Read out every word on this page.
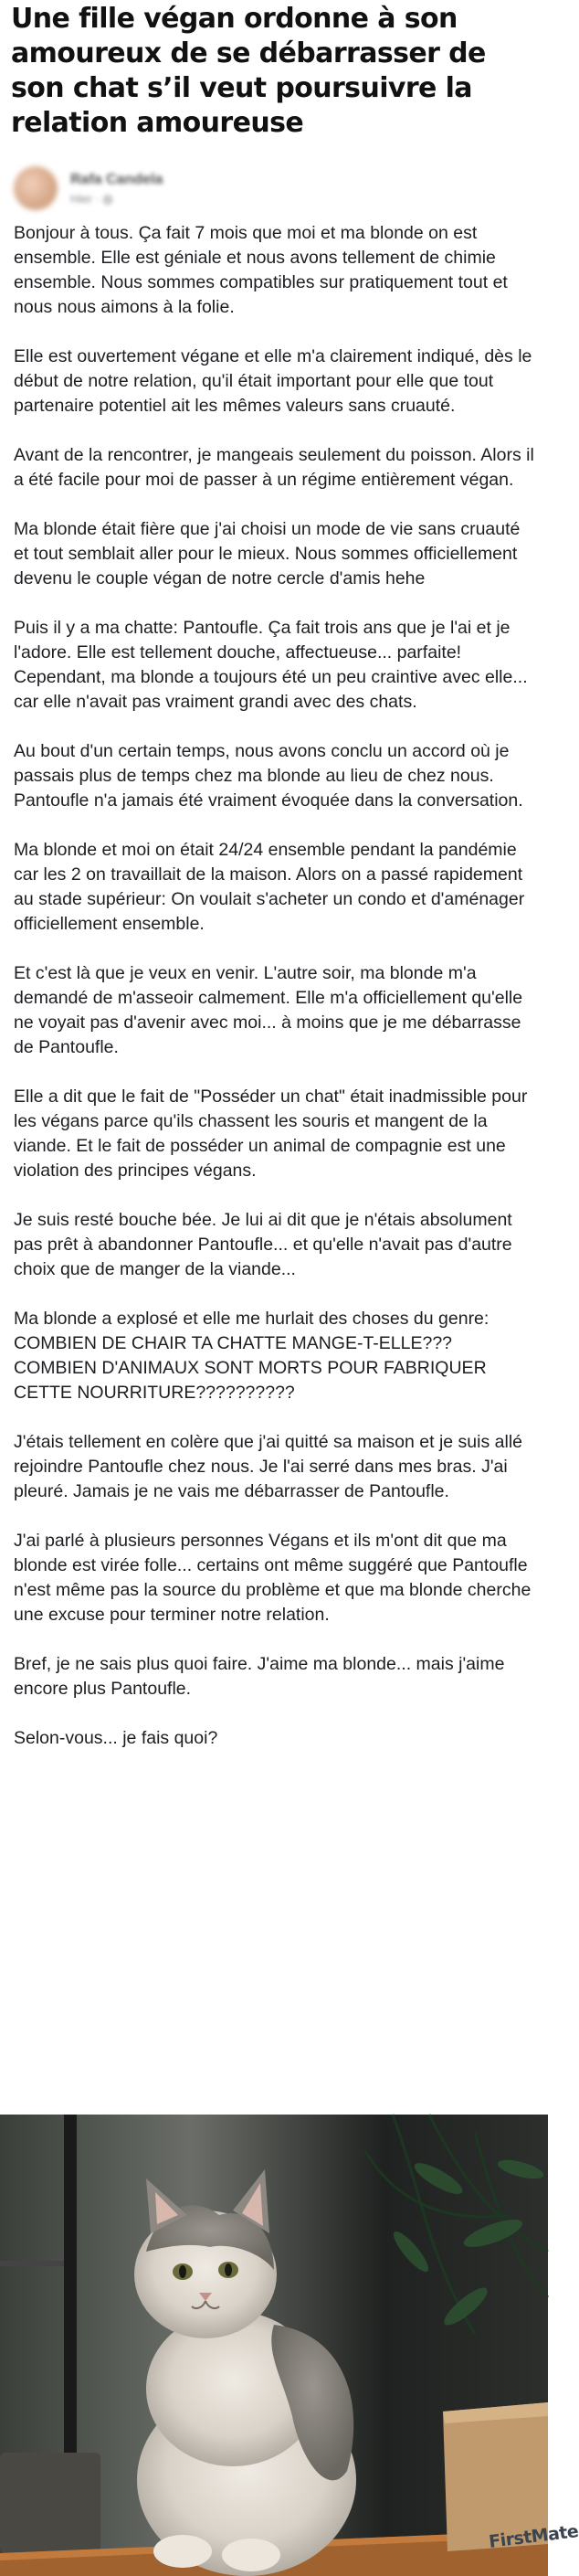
Une fille végan ordonne à son amoureux de se débarrasser de son chat s’il veut poursuivre la relation amoureuse
Rafa Candela
Hier · ◍

Bonjour à tous. Ça fait 7 mois que moi et ma blonde on est ensemble. Elle est géniale et nous avons tellement de chimie ensemble. Nous sommes compatibles sur pratiquement tout et nous nous aimons à la folie.

Elle est ouvertement végane et elle m'a clairement indiqué, dès le début de notre relation, qu'il était important pour elle que tout partenaire potentiel ait les mêmes valeurs sans cruauté.

Avant de la rencontrer, je mangeais seulement du poisson. Alors il a été facile pour moi de passer à un régime entièrement végan.

Ma blonde était fière que j'ai choisi un mode de vie sans cruauté et tout semblait aller pour le mieux. Nous sommes officiellement devenu le couple végan de notre cercle d'amis hehe

Puis il y a ma chatte: Pantoufle. Ça fait trois ans que je l'ai et je l'adore. Elle est tellement douche, affectueuse... parfaite! Cependant, ma blonde a toujours été un peu craintive avec elle... car elle n'avait pas vraiment grandi avec des chats.

Au bout d'un certain temps, nous avons conclu un accord où je passais plus de temps chez ma blonde au lieu de chez nous. Pantoufle n'a jamais été vraiment évoquée dans la conversation.

Ma blonde et moi on était 24/24 ensemble pendant la pandémie car les 2 on travaillait de la maison. Alors on a passé rapidement au stade supérieur: On voulait s'acheter un condo et d'aménager officiellement ensemble.

Et c'est là que je veux en venir. L'autre soir, ma blonde m'a demandé de m'asseoir calmement. Elle m'a officiellement qu'elle ne voyait pas d'avenir avec moi... à moins que je me débarrasse de Pantoufle.

Elle a dit que le fait de "Posséder un chat" était inadmissible pour les végans parce qu'ils chassent les souris et mangent de la viande. Et le fait de posséder un animal de compagnie est une violation des principes végans.

Je suis resté bouche bée. Je lui ai dit que je n'étais absolument pas prêt à abandonner Pantoufle... et qu'elle n'avait pas d'autre choix que de manger de la viande...

Ma blonde a explosé et elle me hurlait des choses du genre: COMBIEN DE CHAIR TA CHATTE MANGE-T-ELLE??? COMBIEN D'ANIMAUX SONT MORTS POUR FABRIQUER CETTE NOURRITURE??????????

J'étais tellement en colère que j'ai quitté sa maison et je suis allé rejoindre Pantoufle chez nous. Je l'ai serré dans mes bras. J'ai pleuré. Jamais je ne vais me débarrasser de Pantoufle.

J'ai parlé à plusieurs personnes Végans et ils m'ont dit que ma blonde est virée folle... certains ont même suggéré que Pantoufle n'est même pas la source du problème et que ma blonde cherche une excuse pour terminer notre relation.

Bref, je ne sais plus quoi faire. J'aime ma blonde... mais j'aime encore plus Pantoufle.

Selon-vous... je fais quoi?

FirstMate
